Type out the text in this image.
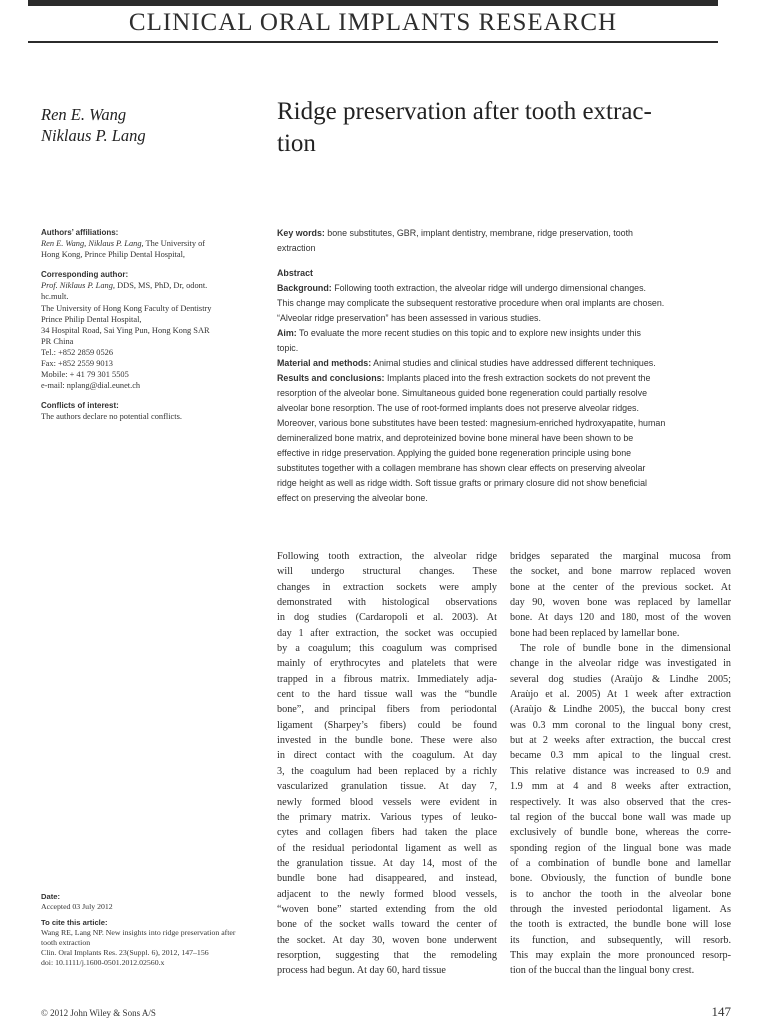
CLINICAL ORAL IMPLANTS RESEARCH
Ren E. Wang
Niklaus P. Lang
Ridge preservation after tooth extrac-
tion
Authors’ affiliations:
Ren E. Wang, Niklaus P. Lang, The University of
Hong Kong, Prince Philip Dental Hospital,
Corresponding author:
Prof. Niklaus P. Lang, DDS, MS, PhD, Dr, odont.
hc.mult.
The University of Hong Kong Faculty of Dentistry
Prince Philip Dental Hospital,
34 Hospital Road, Sai Ying Pun, Hong Kong SAR
PR China
Tel.: +852 2859 0526
Fax: +852 2559 9013
Mobile: + 41 79 301 5505
e-mail: nplang@dial.eunet.ch
Conflicts of interest:
The authors declare no potential conflicts.
Date:
Accepted 03 July 2012
To cite this article:
Wang RE, Lang NP. New insights into ridge preservation after
tooth extraction
Clin. Oral Implants Res. 23(Suppl. 6), 2012, 147–156
doi: 10.1111/j.1600-0501.2012.02560.x
Key words: bone substitutes, GBR, implant dentistry, membrane, ridge preservation, tooth
extraction
Abstract
Background: Following tooth extraction, the alveolar ridge will undergo dimensional changes.
This change may complicate the subsequent restorative procedure when oral implants are chosen.
“Alveolar ridge preservation” has been assessed in various studies.
Aim: To evaluate the more recent studies on this topic and to explore new insights under this
topic.
Material and methods: Animal studies and clinical studies have addressed different techniques.
Results and conclusions: Implants placed into the fresh extraction sockets do not prevent the
resorption of the alveolar bone. Simultaneous guided bone regeneration could partially resolve
alveolar bone resorption. The use of root-formed implants does not preserve alveolar ridges.
Moreover, various bone substitutes have been tested: magnesium-enriched hydroxyapatite, human
demineralized bone matrix, and deproteinized bovine bone mineral have been shown to be
effective in ridge preservation. Applying the guided bone regeneration principle using bone
substitutes together with a collagen membrane has shown clear effects on preserving alveolar
ridge height as well as ridge width. Soft tissue grafts or primary closure did not show beneficial
effect on preserving the alveolar bone.
Following tooth extraction, the alveolar ridge
will undergo structural changes. These
changes in extraction sockets were amply
demonstrated with histological observations
in dog studies (Cardaropoli et al. 2003). At
day 1 after extraction, the socket was occupied
by a coagulum; this coagulum was comprised
mainly of erythrocytes and platelets that were
trapped in a fibrous matrix. Immediately adja-
cent to the hard tissue wall was the “bundle
bone”, and principal fibers from periodontal
ligament (Sharpey’s fibers) could be found
invested in the bundle bone. These were also
in direct contact with the coagulum. At day
3, the coagulum had been replaced by a richly
vascularized granulation tissue. At day 7,
newly formed blood vessels were evident in
the primary matrix. Various types of leuko-
cytes and collagen fibers had taken the place
of the residual periodontal ligament as well as
the granulation tissue. At day 14, most of the
bundle bone had disappeared, and instead,
adjacent to the newly formed blood vessels,
“woven bone” started extending from the old
bone of the socket walls toward the center of
the socket. At day 30, woven bone underwent
resorption, suggesting that the remodeling
process had begun. At day 60, hard tissue
bridges separated the marginal mucosa from
the socket, and bone marrow replaced woven
bone at the center of the previous socket. At
day 90, woven bone was replaced by lamellar
bone. At days 120 and 180, most of the woven
bone had been replaced by lamellar bone.
The role of bundle bone in the dimensional
change in the alveolar ridge was investigated in
several dog studies (Araùjo & Lindhe 2005;
Araùjo et al. 2005) At 1 week after extraction
(Araùjo & Lindhe 2005), the buccal bony crest
was 0.3 mm coronal to the lingual bony crest,
but at 2 weeks after extraction, the buccal crest
became 0.3 mm apical to the lingual crest.
This relative distance was increased to 0.9 and
1.9 mm at 4 and 8 weeks after extraction,
respectively. It was also observed that the cres-
tal region of the buccal bone wall was made up
exclusively of bundle bone, whereas the corre-
sponding region of the lingual bone was made
of a combination of bundle bone and lamellar
bone. Obviously, the function of bundle bone
is to anchor the tooth in the alveolar bone
through the invested periodontal ligament. As
the tooth is extracted, the bundle bone will lose
its function, and subsequently, will resorb.
This may explain the more pronounced resorp-
tion of the buccal than the lingual bony crest.
© 2012 John Wiley & Sons A/S	147
